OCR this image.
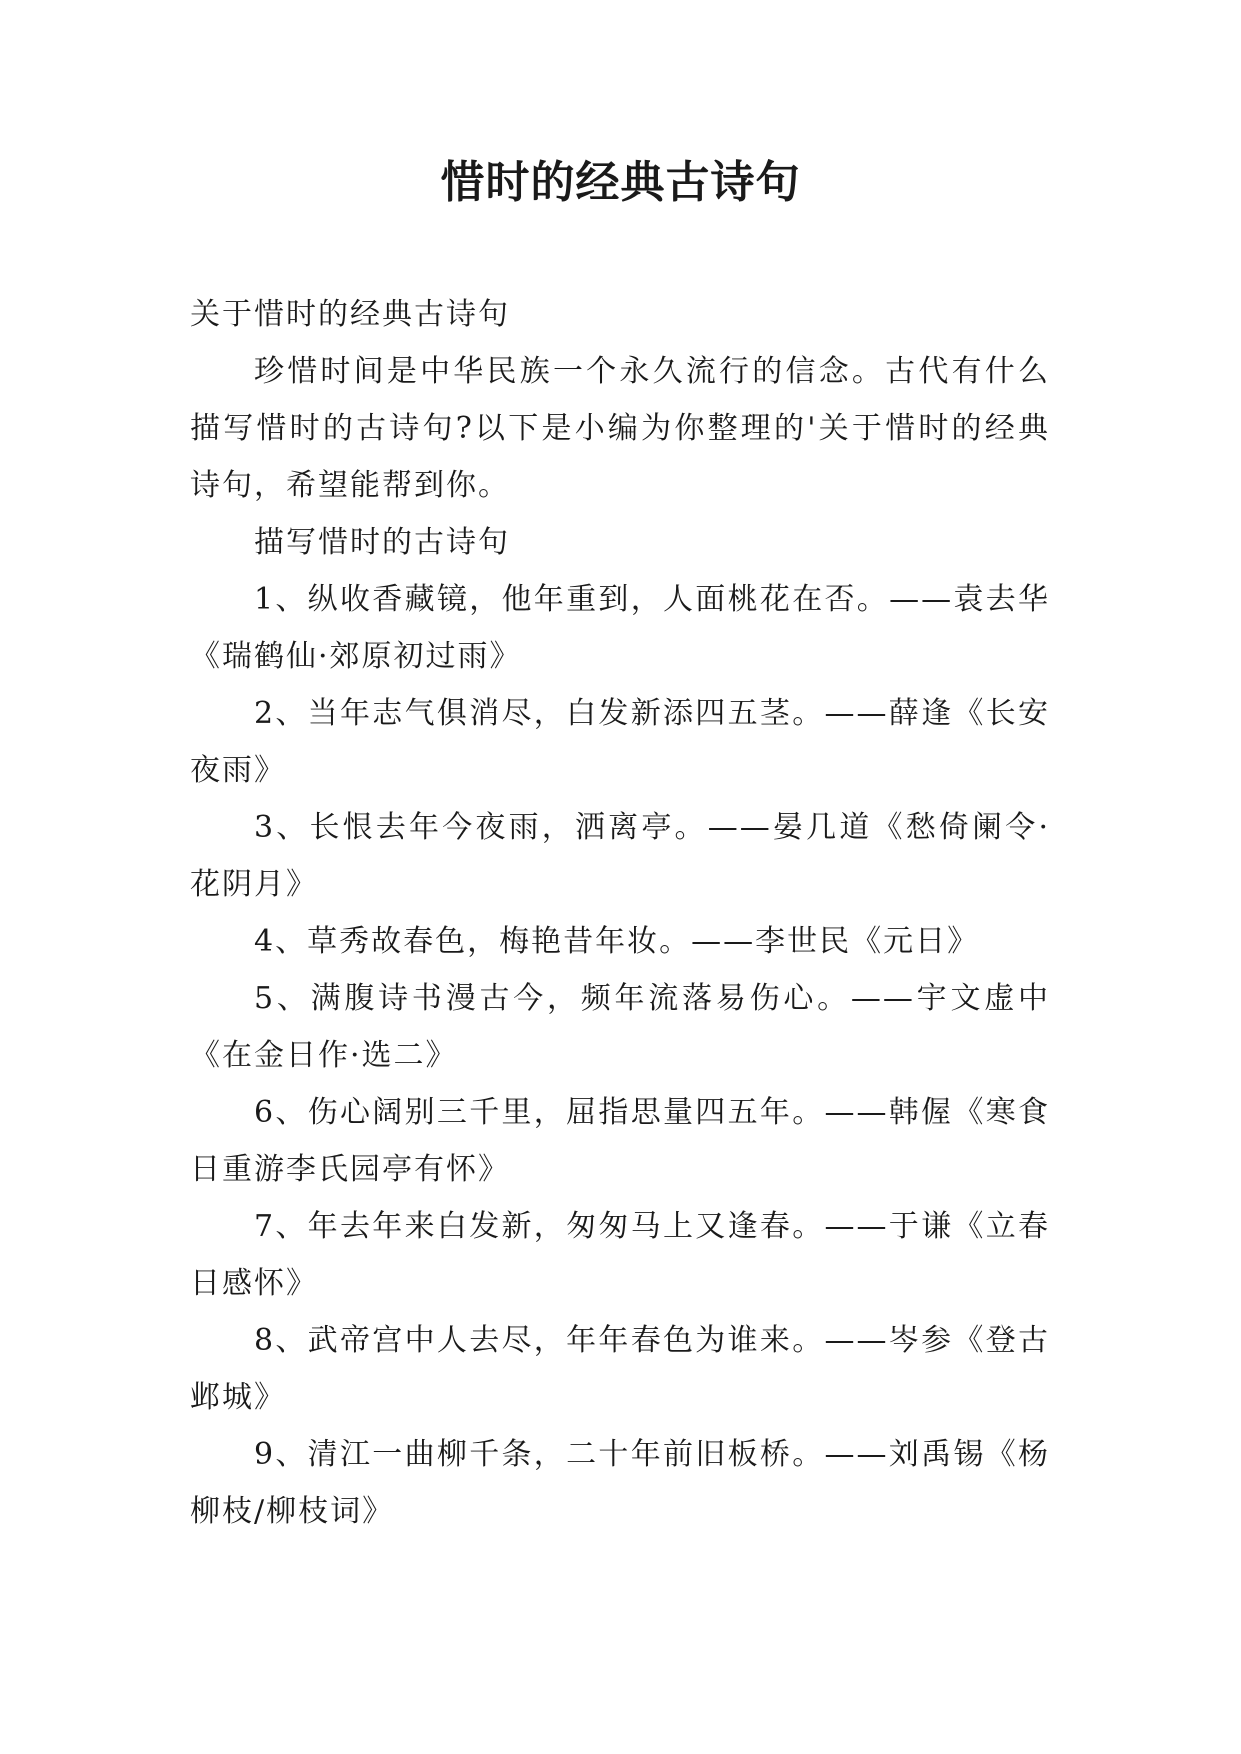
惜时的经典古诗句

关于惜时的经典古诗句

珍惜时间是中华民族一个永久流行的信念。古代有什么描写惜时的古诗句?以下是小编为你整理的'关于惜时的经典诗句，希望能帮到你。

描写惜时的古诗句

1、纵收香藏镜，他年重到，人面桃花在否。——袁去华《瑞鹤仙·郊原初过雨》

2、当年志气俱消尽，白发新添四五茎。——薛逢《长安夜雨》

3、长恨去年今夜雨，洒离亭。——晏几道《愁倚阑令·花阴月》

4、草秀故春色，梅艳昔年妆。——李世民《元日》

5、满腹诗书漫古今，频年流落易伤心。——宇文虚中《在金日作·选二》

6、伤心阔别三千里，屈指思量四五年。——韩偓《寒食日重游李氏园亭有怀》

7、年去年来白发新，匆匆马上又逢春。——于谦《立春日感怀》

8、武帝宫中人去尽，年年春色为谁来。——岑参《登古邺城》

9、清江一曲柳千条，二十年前旧板桥。——刘禹锡《杨柳枝/柳枝词》
